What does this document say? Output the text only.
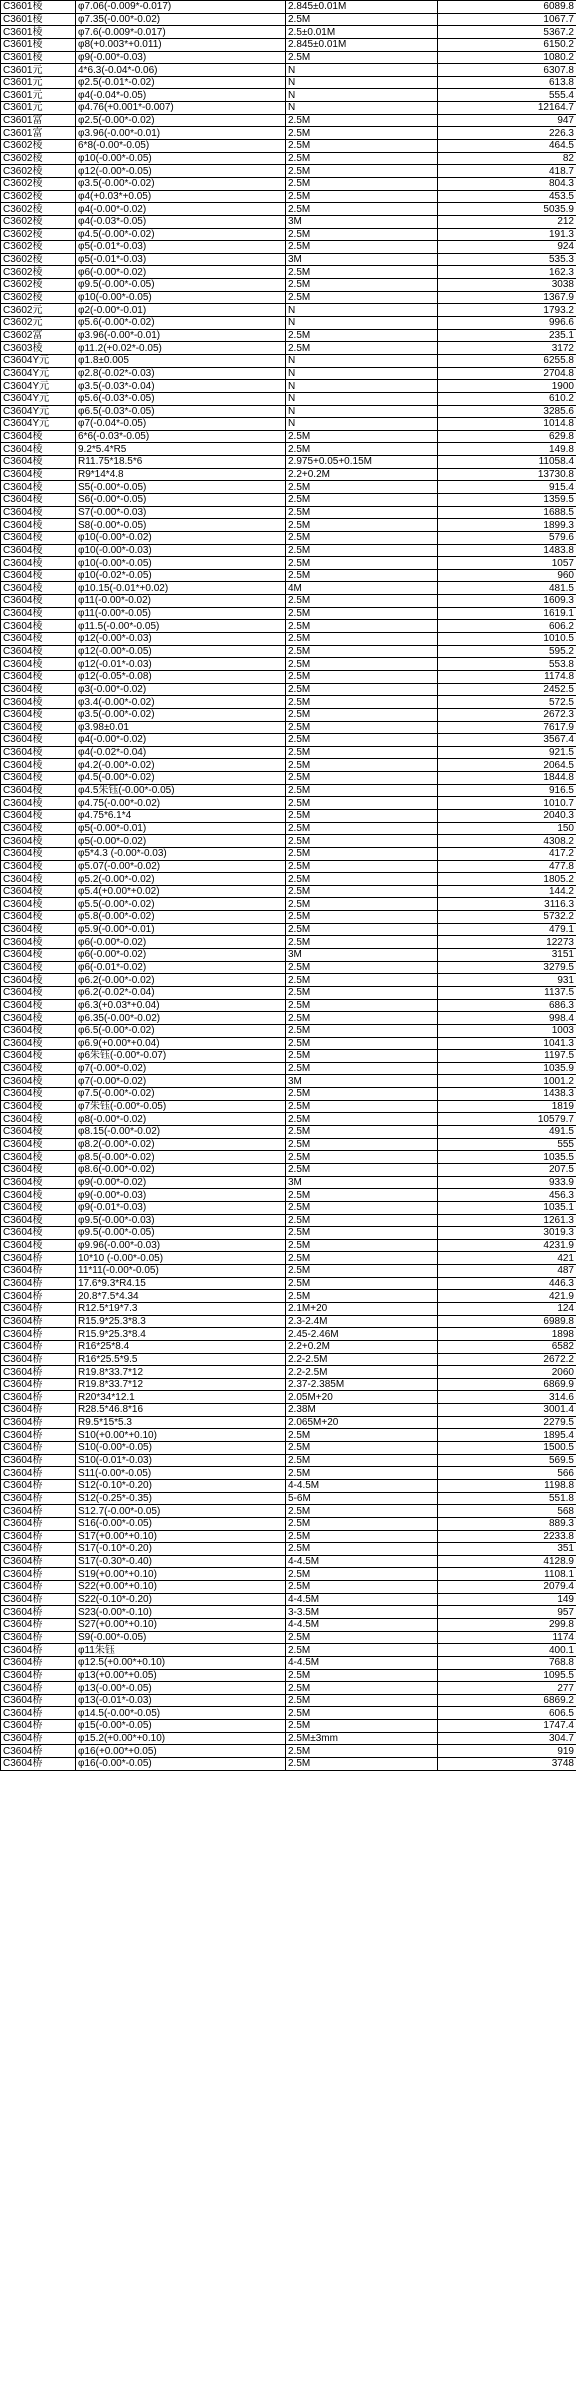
C3601棱	φ7.06(-0.009*-0.017)	2.845±0.01M	6089.8
C3601棱	φ7.35(-0.00*-0.02)	2.5M	1067.7
C3601棱	φ7.6(-0.009*-0.017)	2.5±0.01M	5367.2
C3601棱	φ8(+0.003*+0.011)	2.845±0.01M	6150.2
C3601棱	φ9(-0.00*-0.03)	2.5M	1080.2
C3601元	4*6.3(-0.04*-0.06)	N	6307.8
C3601元	φ2.5(-0.01*-0.02)	N	613.8
C3601元	φ4(-0.04*-0.05)	N	555.4
C3601元	φ4.76(+0.001*-0.007)	N	12164.7
C3601富	φ2.5(-0.00*-0.02)	2.5M	947
C3601富	φ3.96(-0.00*-0.01)	2.5M	226.3
C3602棱	6*8(-0.00*-0.05)	2.5M	464.5
C3602棱	φ10(-0.00*-0.05)	2.5M	82
C3602棱	φ12(-0.00*-0.05)	2.5M	418.7
C3602棱	φ3.5(-0.00*-0.02)	2.5M	804.3
C3602棱	φ4(+0.03*+0.05)	2.5M	453.5
C3602棱	φ4(-0.00*-0.02)	2.5M	5035.9
C3602棱	φ4(-0.03*-0.05)	3M	212
C3602棱	φ4.5(-0.00*-0.02)	2.5M	191.3
C3602棱	φ5(-0.01*-0.03)	2.5M	924
C3602棱	φ5(-0.01*-0.03)	3M	535.3
C3602棱	φ6(-0.00*-0.02)	2.5M	162.3
C3602棱	φ9.5(-0.00*-0.05)	2.5M	3038
C3602棱	φ10(-0.00*-0.05)	2.5M	1367.9
C3602元	φ2(-0.00*-0.01)	N	1793.2
C3602元	φ5.6(-0.00*-0.02)	N	996.6
C3602富	φ3.96(-0.00*-0.01)	2.5M	235.1
C3603棱	φ11.2(+0.02*-0.05)	2.5M	3172
C3604Y元	φ1.8±0.005	N	6255.8
C3604Y元	φ2.8(-0.02*-0.03)	N	2704.8
C3604Y元	φ3.5(-0.03*-0.04)	N	1900
C3604Y元	φ5.6(-0.03*-0.05)	N	610.2
C3604Y元	φ6.5(-0.03*-0.05)	N	3285.6
C3604Y元	φ7(-0.04*-0.05)	N	1014.8
C3604棱	6*6(-0.03*-0.05)	2.5M	629.8
C3604棱	9.2*5.4*R5	2.5M	149.8
C3604棱	R11.75*18.5*6	2.975+0.05+0.15M	11058.4
C3604棱	R9*14*4.8	2.2+0.2M	13730.8
C3604棱	S5(-0.00*-0.05)	2.5M	915.4
C3604棱	S6(-0.00*-0.05)	2.5M	1359.5
C3604棱	S7(-0.00*-0.03)	2.5M	1688.5
C3604棱	S8(-0.00*-0.05)	2.5M	1899.3
C3604棱	φ10(-0.00*-0.02)	2.5M	579.6
C3604棱	φ10(-0.00*-0.03)	2.5M	1483.8
C3604棱	φ10(-0.00*-0.05)	2.5M	1057
C3604棱	φ10(-0.02*-0.05)	2.5M	960
C3604棱	φ10.15(-0.01*+0.02)	4M	481.5
C3604棱	φ11(-0.00*-0.02)	2.5M	1609.3
C3604棱	φ11(-0.00*-0.05)	2.5M	1619.1
C3604棱	φ11.5(-0.00*-0.05)	2.5M	606.2
C3604棱	φ12(-0.00*-0.03)	2.5M	1010.5
C3604棱	φ12(-0.00*-0.05)	2.5M	595.2
C3604棱	φ12(-0.01*-0.03)	2.5M	553.8
C3604棱	φ12(-0.05*-0.08)	2.5M	1174.8
C3604棱	φ3(-0.00*-0.02)	2.5M	2452.5
C3604棱	φ3.4(-0.00*-0.02)	2.5M	572.5
C3604棱	φ3.5(-0.00*-0.02)	2.5M	2672.3
C3604棱	φ3.98±0.01	2.5M	7617.9
C3604棱	φ4(-0.00*-0.02)	2.5M	3567.4
C3604棱	φ4(-0.02*-0.04)	2.5M	921.5
C3604棱	φ4.2(-0.00*-0.02)	2.5M	2064.5
C3604棱	φ4.5(-0.00*-0.02)	2.5M	1844.8
C3604棱	φ4.5朱钰(-0.00*-0.05)	2.5M	916.5
C3604棱	φ4.75(-0.00*-0.02)	2.5M	1010.7
C3604棱	φ4.75*6.1*4	2.5M	2040.3
C3604棱	φ5(-0.00*-0.01)	2.5M	150
C3604棱	φ5(-0.00*-0.02)	2.5M	4308.2
C3604棱	φ5*4.3 (-0.00*-0.03)	2.5M	417.2
C3604棱	φ5.07(-0.00*-0.02)	2.5M	477.8
C3604棱	φ5.2(-0.00*-0.02)	2.5M	1805.2
C3604棱	φ5.4(+0.00*+0.02)	2.5M	144.2
C3604棱	φ5.5(-0.00*-0.02)	2.5M	3116.3
C3604棱	φ5.8(-0.00*-0.02)	2.5M	5732.2
C3604棱	φ5.9(-0.00*-0.01)	2.5M	479.1
C3604棱	φ6(-0.00*-0.02)	2.5M	12273
C3604棱	φ6(-0.00*-0.02)	3M	3151
C3604棱	φ6(-0.01*-0.02)	2.5M	3279.5
C3604棱	φ6.2(-0.00*-0.02)	2.5M	931
C3604棱	φ6.2(-0.02*-0.04)	2.5M	1137.5
C3604棱	φ6.3(+0.03*+0.04)	2.5M	686.3
C3604棱	φ6.35(-0.00*-0.02)	2.5M	998.4
C3604棱	φ6.5(-0.00*-0.02)	2.5M	1003
C3604棱	φ6.9(+0.00*+0.04)	2.5M	1041.3
C3604棱	φ6朱钰(-0.00*-0.07)	2.5M	1197.5
C3604棱	φ7(-0.00*-0.02)	2.5M	1035.9
C3604棱	φ7(-0.00*-0.02)	3M	1001.2
C3604棱	φ7.5(-0.00*-0.02)	2.5M	1438.3
C3604棱	φ7朱钰(-0.00*-0.05)	2.5M	1819
C3604棱	φ8(-0.00*-0.02)	2.5M	10579.7
C3604棱	φ8.15(-0.00*-0.02)	2.5M	491.5
C3604棱	φ8.2(-0.00*-0.02)	2.5M	555
C3604棱	φ8.5(-0.00*-0.02)	2.5M	1035.5
C3604棱	φ8.6(-0.00*-0.02)	2.5M	207.5
C3604棱	φ9(-0.00*-0.02)	3M	933.9
C3604棱	φ9(-0.00*-0.03)	2.5M	456.3
C3604棱	φ9(-0.01*-0.03)	2.5M	1035.1
C3604棱	φ9.5(-0.00*-0.03)	2.5M	1261.3
C3604棱	φ9.5(-0.00*-0.05)	2.5M	3019.3
C3604棱	φ9.96(-0.00*-0.03)	2.5M	4231.9
C3604桥	10*10 (-0.00*-0.05)	2.5M	421
C3604桥	11*11(-0.00*-0.05)	2.5M	487
C3604桥	17.6*9.3*R4.15	2.5M	446.3
C3604桥	20.8*7.5*4.34	2.5M	421.9
C3604桥	R12.5*19*7.3	2.1M+20	124
C3604桥	R15.9*25.3*8.3	2.3-2.4M	6989.8
C3604桥	R15.9*25.3*8.4	2.45-2.46M	1898
C3604桥	R16*25*8.4	2.2+0.2M	6582
C3604桥	R16*25.5*9.5	2.2-2.5M	2672.2
C3604桥	R19.8*33.7*12	2.2-2.5M	2060
C3604桥	R19.8*33.7*12	2.37-2.385M	6869.9
C3604桥	R20*34*12.1	2.05M+20	314.6
C3604桥	R28.5*46.8*16	2.38M	3001.4
C3604桥	R9.5*15*5.3	2.065M+20	2279.5
C3604桥	S10(+0.00*+0.10)	2.5M	1895.4
C3604桥	S10(-0.00*-0.05)	2.5M	1500.5
C3604桥	S10(-0.01*-0.03)	2.5M	569.5
C3604桥	S11(-0.00*-0.05)	2.5M	566
C3604桥	S12(-0.10*-0.20)	4-4.5M	1198.8
C3604桥	S12(-0.25*-0.35)	5-6M	551.8
C3604桥	S12.7(-0.00*-0.05)	2.5M	568
C3604桥	S16(-0.00*-0.05)	2.5M	889.3
C3604桥	S17(+0.00*+0.10)	2.5M	2233.8
C3604桥	S17(-0.10*-0.20)	2.5M	351
C3604桥	S17(-0.30*-0.40)	4-4.5M	4128.9
C3604桥	S19(+0.00*+0.10)	2.5M	1108.1
C3604桥	S22(+0.00*+0.10)	2.5M	2079.4
C3604桥	S22(-0.10*-0.20)	4-4.5M	149
C3604桥	S23(-0.00*-0.10)	3-3.5M	957
C3604桥	S27(+0.00*+0.10)	4-4.5M	299.8
C3604桥	S9(-0.00*-0.05)	2.5M	1174
C3604桥	φ11朱钰	2.5M	400.1
C3604桥	φ12.5(+0.00*+0.10)	4-4.5M	768.8
C3604桥	φ13(+0.00*+0.05)	2.5M	1095.5
C3604桥	φ13(-0.00*-0.05)	2.5M	277
C3604桥	φ13(-0.01*-0.03)	2.5M	6869.2
C3604桥	φ14.5(-0.00*-0.05)	2.5M	606.5
C3604桥	φ15(-0.00*-0.05)	2.5M	1747.4
C3604桥	φ15.2(+0.00*+0.10)	2.5M±3mm	304.7
C3604桥	φ16(+0.00*+0.05)	2.5M	919
C3604桥	φ16(-0.00*-0.05)	2.5M	3748
